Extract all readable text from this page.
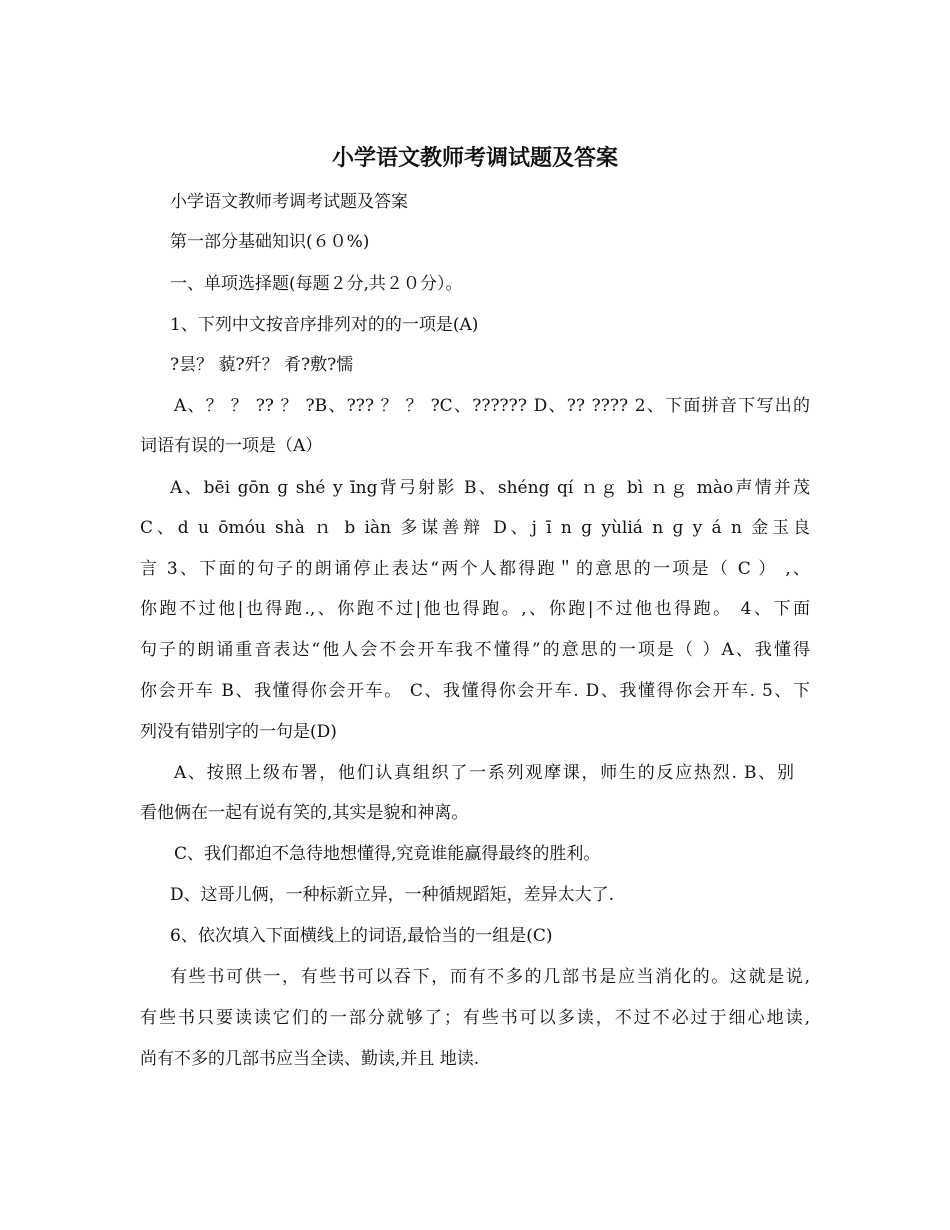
小学语文教师考调试题及答案
小学语文教师考调考试题及答案
第一部分基础知识(６０%)
一、单项选择题(每题２分,共２０分）。
1、下列中文按音序排列对的的一项是(A)
?昙？ 藐?歼？ 肴?敷?懦
A、？ ？ ?? ？ ?B、??? ？ ？ ?C、?????? D、?? ???? 2、下面拼音下写出的
词语有误的一项是（A）
A、bēi gōn ɡ shé y īng背弓射影 B、shéng qí ｎｇ bì ｎｇ mào声情并茂
C、d u ōmóu shà ｎ b iàn 多谋善辩 D、j ī n ɡ yùliá n ɡ y á n 金玉良
言 3、下面的句子的朗诵停止表达“两个人都得跑＂的意思的一项是（ C ） ,、
你跑不过他|也得跑.,、你跑不过|他也得跑。,、你跑|不过他也得跑。 4、下面
句子的朗诵重音表达“他人会不会开车我不懂得”的意思的一项是（ ）A、我懂得
你会开车 B、我懂得你会开车。 C、我懂得你会开车. D、我懂得你会开车. 5、下
列没有错别字的一句是(D)
A、按照上级布署，他们认真组织了一系列观摩课，师生的反应热烈. B、别
看他俩在一起有说有笑的,其实是貌和神离。
C、我们都迫不急待地想懂得,究竟谁能赢得最终的胜利。
D、这哥儿俩，一种标新立异，一种循规蹈矩，差异太大了.
6、依次填入下面横线上的词语,最恰当的一组是(C)
有些书可供一，有些书可以吞下，而有不多的几部书是应当消化的。这就是说,
有些书只要读读它们的一部分就够了；有些书可以多读，不过不必过于细心地读,
尚有不多的几部书应当全读、勤读,并且 地读.
